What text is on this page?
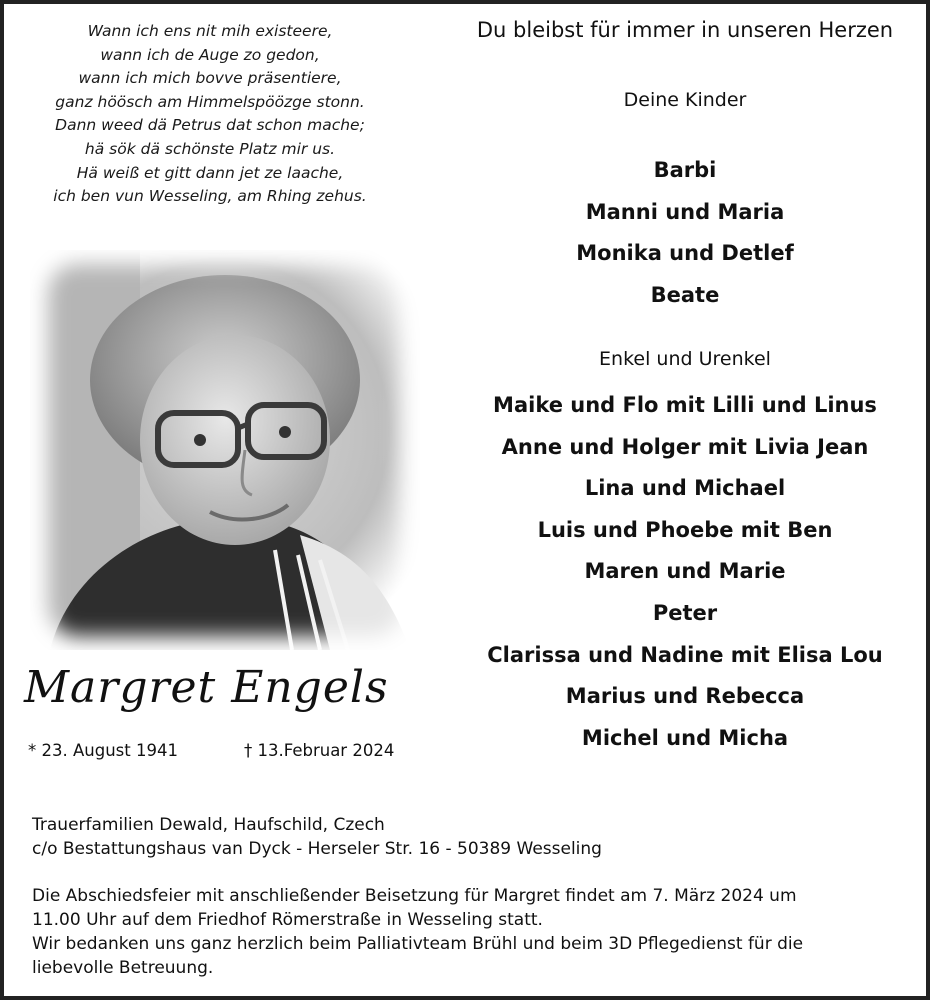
Wann ich ens nit mih existeere,
wann ich de Auge zo gedon,
wann ich mich bovve präsentiere,
ganz höösch am Himmelspöözge stonn.
Dann weed dä Petrus dat schon mache;
hä sök dä schönste Platz mir us.
Hä weiß et gitt dann jet ze laache,
ich ben vun Wesseling, am Rhing zehus.
Margret Engels
* 23. August 1941	† 13.Februar 2024
Du bleibst für immer in unseren Herzen
Deine Kinder
Barbi
Manni und Maria
Monika und Detlef
Beate
Enkel und Urenkel
Maike und Flo mit Lilli und Linus
Anne und Holger mit Livia Jean
Lina und Michael
Luis und Phoebe mit Ben
Maren und Marie
Peter
Clarissa und Nadine mit Elisa Lou
Marius und Rebecca
Michel und Micha
Trauerfamilien Dewald, Haufschild, Czech
c/o Bestattungshaus van Dyck - Herseler Str. 16 - 50389 Wesseling
Die Abschiedsfeier mit anschließender Beisetzung für Margret findet am 7. März 2024 um
11.00 Uhr auf dem Friedhof Römerstraße in Wesseling statt.
Wir bedanken uns ganz herzlich beim Palliativteam Brühl und beim 3D Pflegedienst für die
liebevolle Betreuung.
